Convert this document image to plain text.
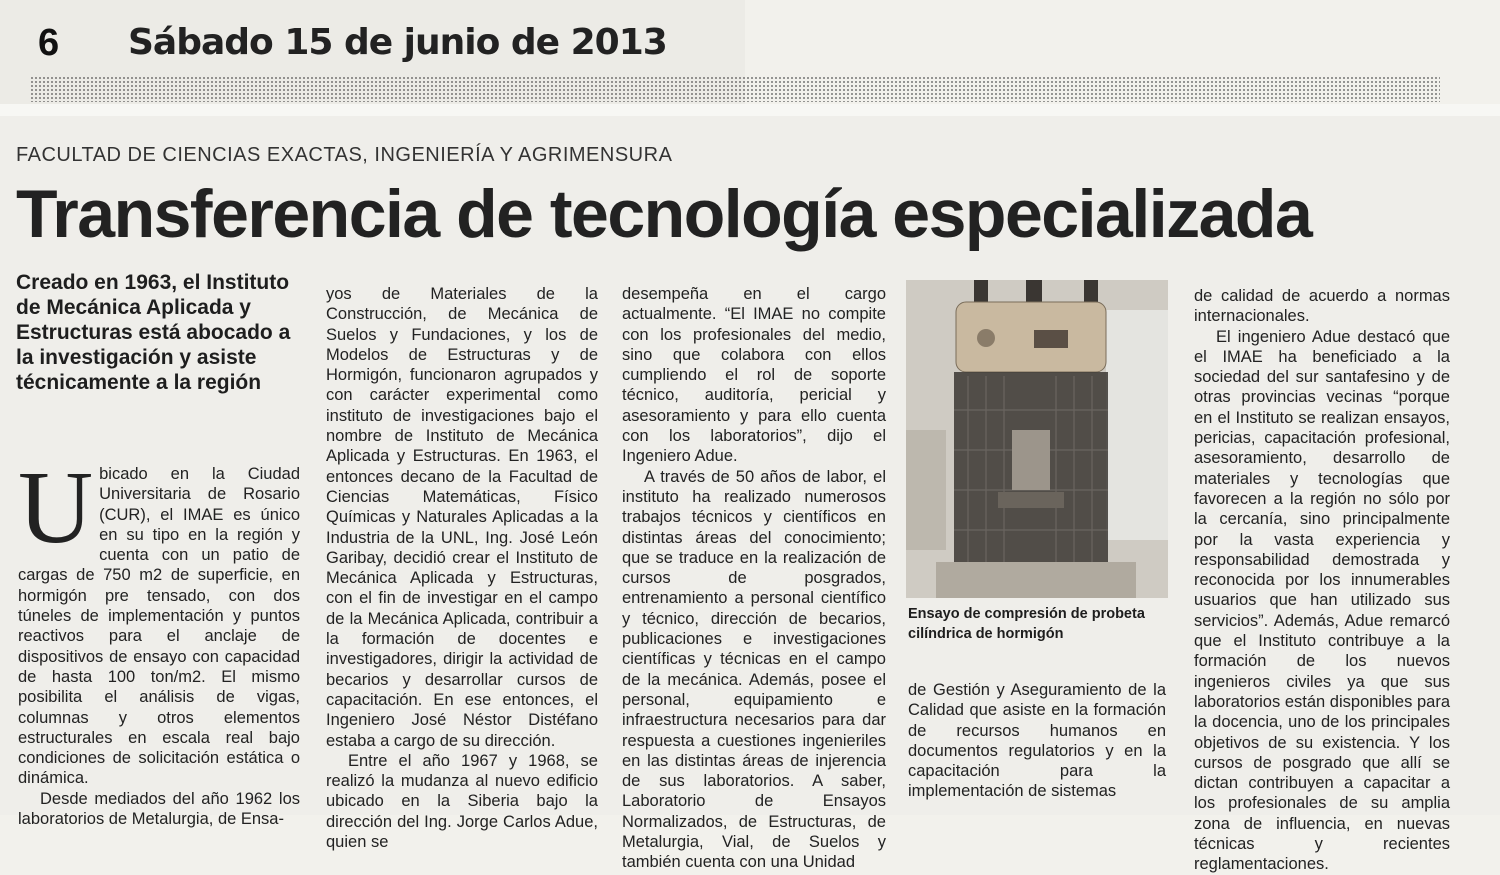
6 Sábado 15 de junio de 2013
FACULTAD DE CIENCIAS EXACTAS, INGENIERÍA Y AGRIMENSURA
Transferencia de tecnología especializada
Creado en 1963, el Instituto de Mecánica Aplicada y Estructuras está abocado a la investigación y asiste técnicamente a la región

Ubicado en la Ciudad Universitaria de Rosario (CUR), el IMAE es único en su tipo en la región y cuenta con un patio de cargas de 750 m2 de superficie, en hormigón pre tensado, con dos túneles de implementación y puntos reactivos para el anclaje de dispositivos de ensayo con capacidad de hasta 100 ton/m2. El mismo posibilita el análisis de vigas, columnas y otros elementos estructurales en escala real bajo condiciones de solicitación estática o dinámica.

Desde mediados del año 1962 los laboratorios de Metalurgia, de Ensa-

yos de Materiales de la Construcción, de Mecánica de Suelos y Fundaciones, y los de Modelos de Estructuras y de Hormigón, funcionaron agrupados y con carácter experimental como instituto de investigaciones bajo el nombre de Instituto de Mecánica Aplicada y Estructuras. En 1963, el entonces decano de la Facultad de Ciencias Matemáticas, Físico Químicas y Naturales Aplicadas a la Industria de la UNL, Ing. José León Garibay, decidió crear el Instituto de Mecánica Aplicada y Estructuras, con el fin de investigar en el campo de la Mecánica Aplicada, contribuir a la formación de docentes e investigadores, dirigir la actividad de becarios y desarrollar cursos de capacitación. En ese entonces, el Ingeniero José Néstor Distéfano estaba a cargo de su dirección.

Entre el año 1967 y 1968, se realizó la mudanza al nuevo edificio ubicado en la Siberia bajo la dirección del Ing. Jorge Carlos Adue, quien se

desempeña en el cargo actualmente. “El IMAE no compite con los profesionales del medio, sino que colabora con ellos cumpliendo el rol de soporte técnico, auditoría, pericial y asesoramiento y para ello cuenta con los laboratorios”, dijo el Ingeniero Adue.

A través de 50 años de labor, el instituto ha realizado numerosos trabajos técnicos y científicos en distintas áreas del conocimiento; que se traduce en la realización de cursos de posgrados, entrenamiento a personal científico y técnico, dirección de becarios, publicaciones e investigaciones científicas y técnicas en el campo de la mecánica. Además, posee el personal, equipamiento e infraestructura necesarios para dar respuesta a cuestiones ingenieriles en las distintas áreas de injerencia de sus laboratorios. A saber, Laboratorio de Ensayos Normalizados, de Estructuras, de Metalurgia, Vial, de Suelos y también cuenta con una Unidad

Ensayo de compresión de probeta cilíndrica de hormigón

de Gestión y Aseguramiento de la Calidad que asiste en la formación de recursos humanos en documentos regulatorios y en la capacitación para la implementación de sistemas

de calidad de acuerdo a normas internacionales.

El ingeniero Adue destacó que el IMAE ha beneficiado a la sociedad del sur santafesino y de otras provincias vecinas “porque en el Instituto se realizan ensayos, pericias, capacitación profesional, asesoramiento, desarrollo de materiales y tecnologías que favorecen a la región no sólo por la cercanía, sino principalmente por la vasta experiencia y responsabilidad demostrada y reconocida por los innumerables usuarios que han utilizado sus servicios”. Además, Adue remarcó que el Instituto contribuye a la formación de los nuevos ingenieros civiles ya que sus laboratorios están disponibles para la docencia, uno de los principales objetivos de su existencia. Y los cursos de posgrado que allí se dictan contribuyen a capacitar a los profesionales de su amplia zona de influencia, en nuevas técnicas y recientes reglamentaciones.
